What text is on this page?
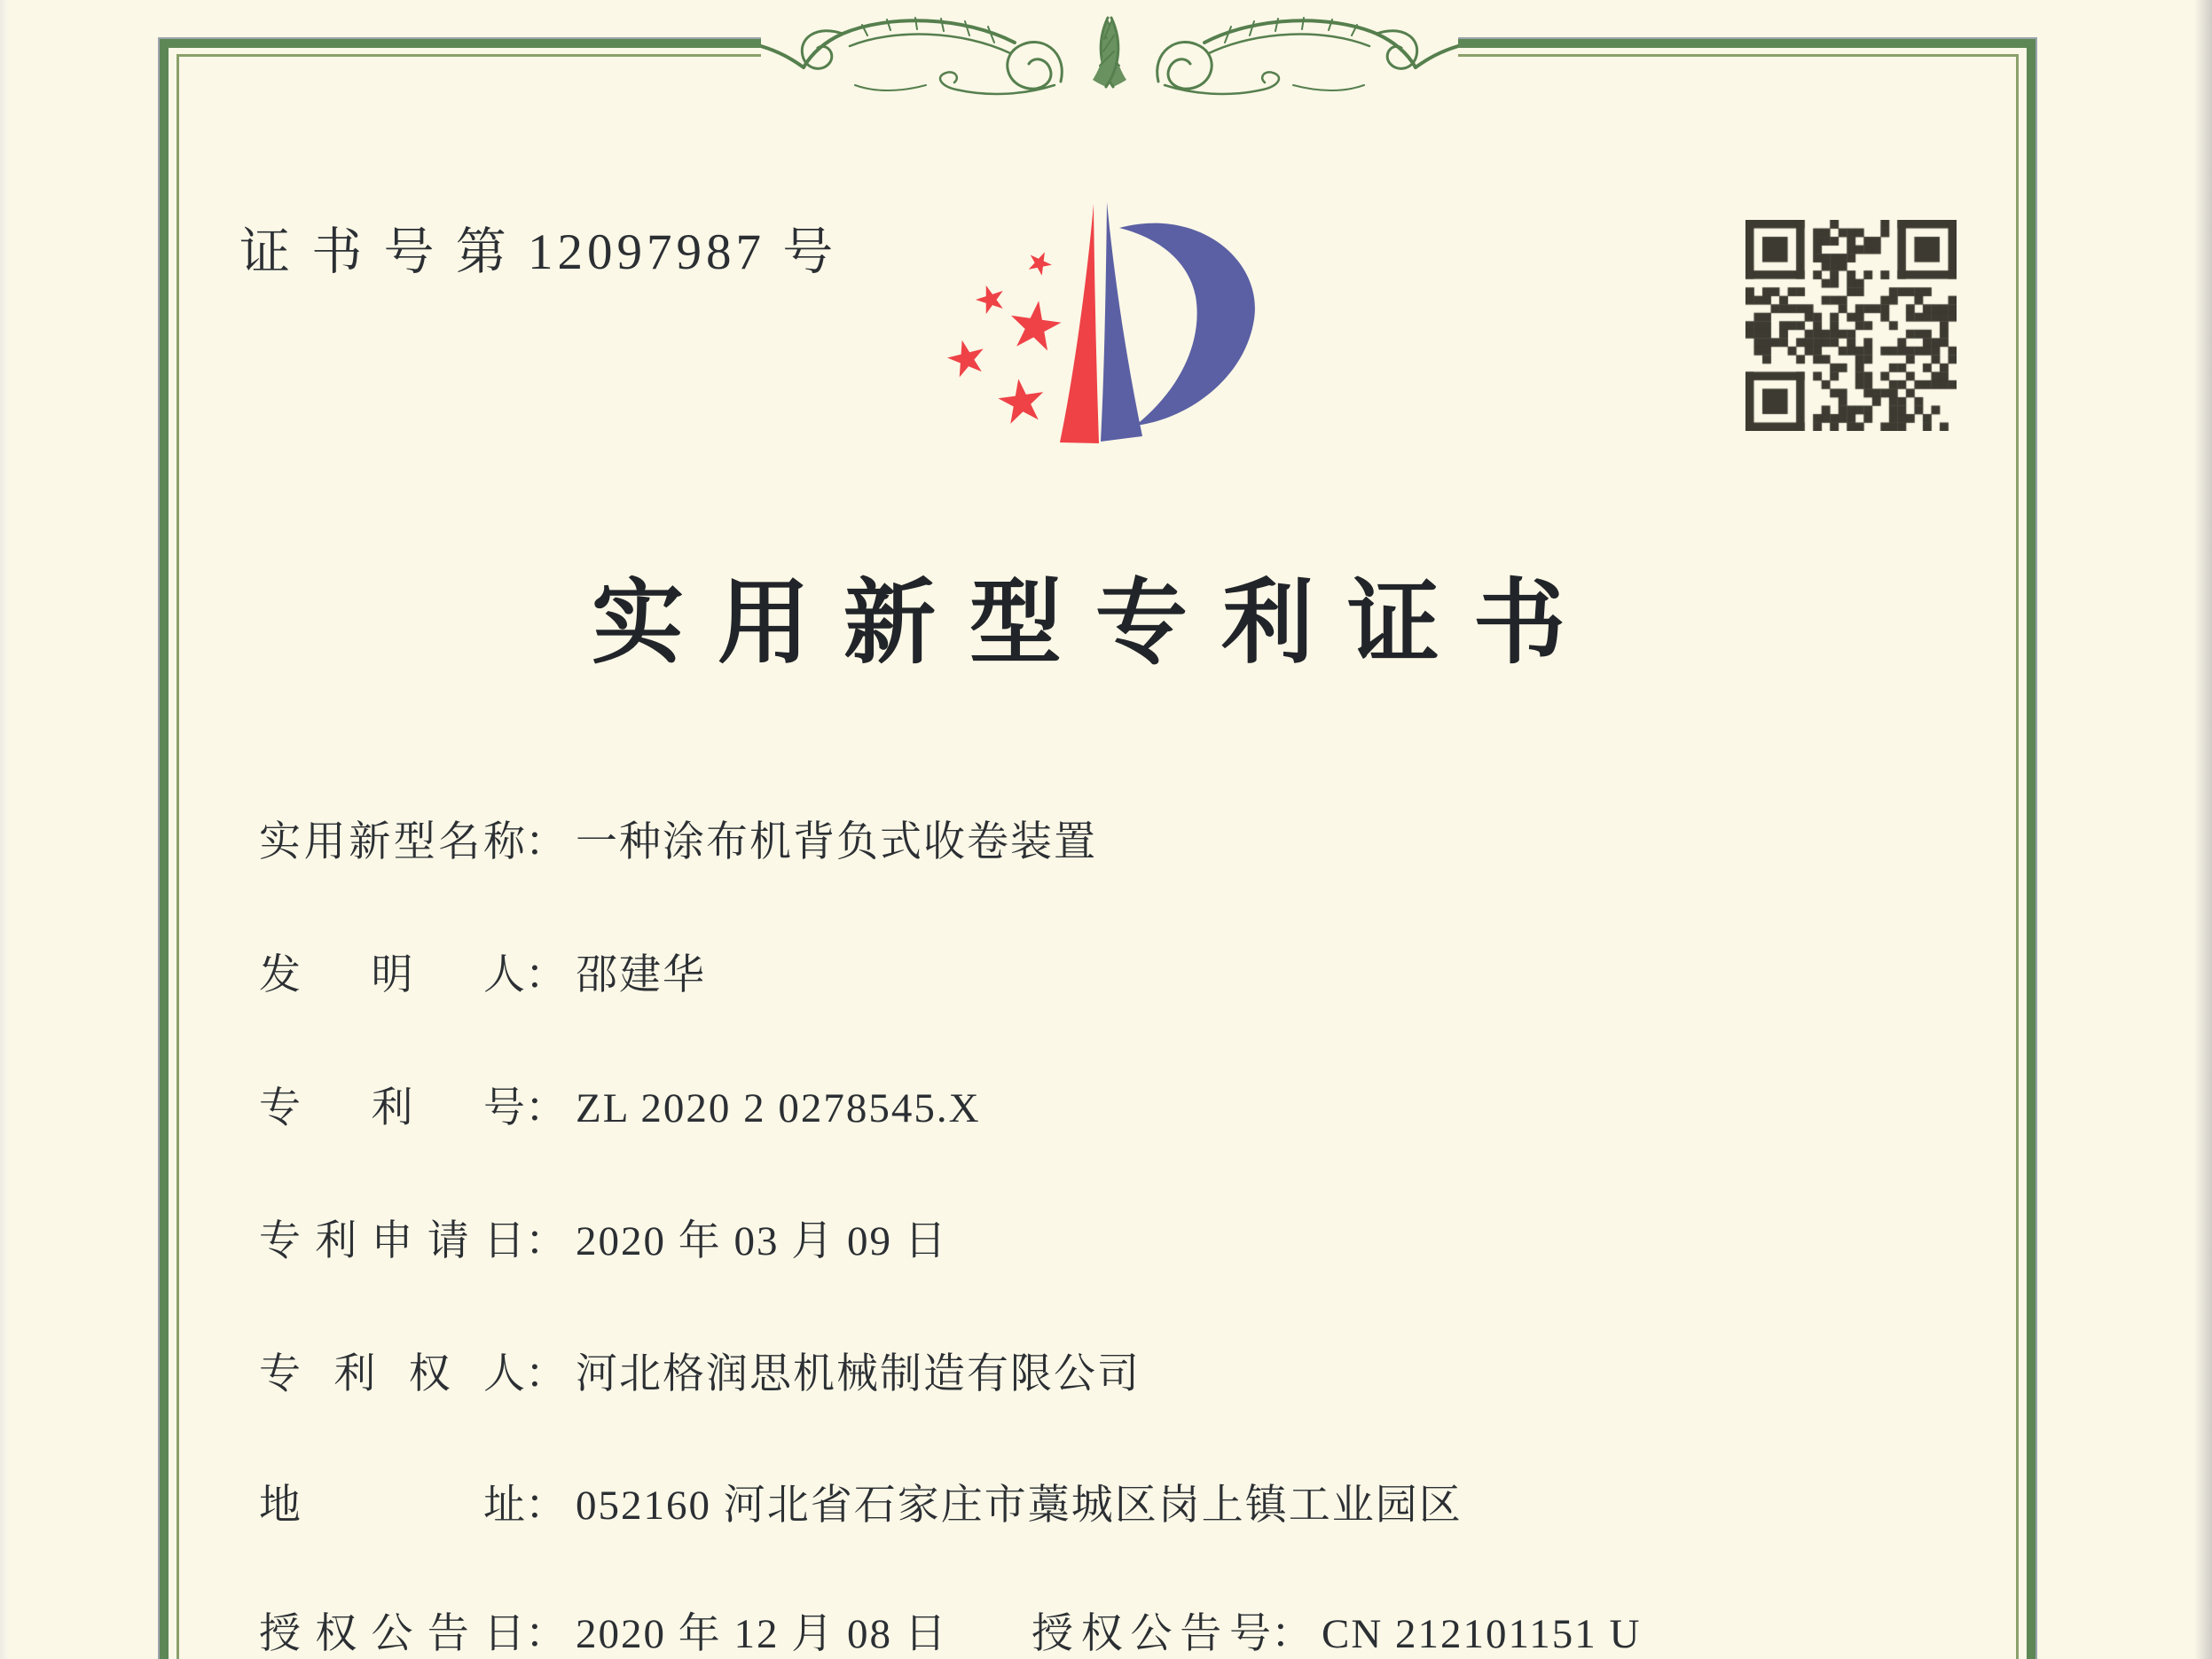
证 书 号 第 12097987 号
实用新型专利证书
实用新型名称： 一种涂布机背负式收卷装置
发明人： 邵建华
专利号： ZL 2020 2 0278545.X
专利申请日： 2020 年 03 月 09 日
专利权人： 河北格润思机械制造有限公司
地址： 052160 河北省石家庄市藁城区岗上镇工业园区
授权公告日： 2020 年 12 月 08 日 授权公告号： CN 212101151 U
